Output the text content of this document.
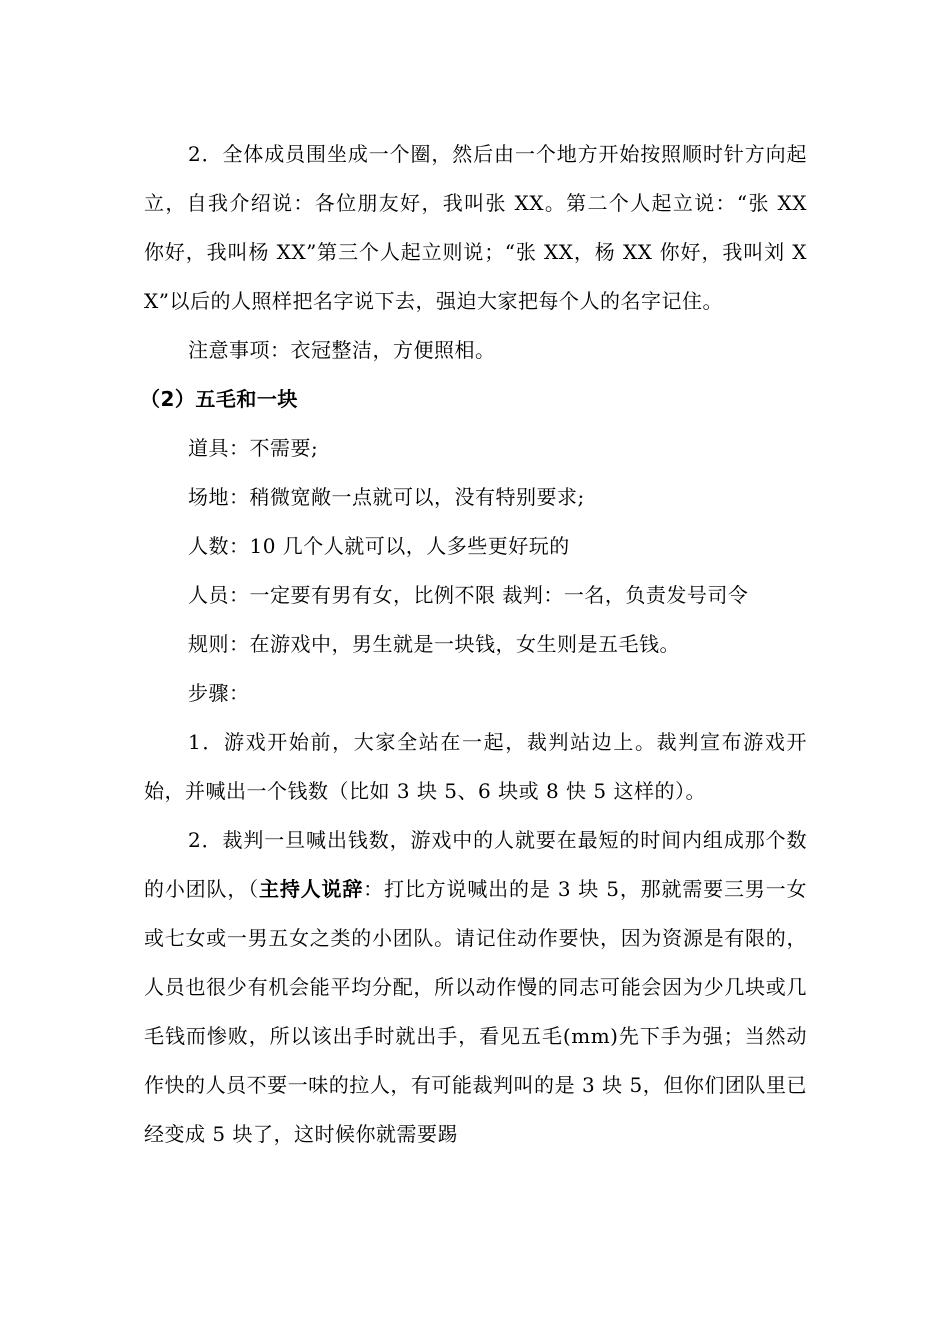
2．全体成员围坐成一个圈，然后由一个地方开始按照顺时针方向起立，自我介绍说：各位朋友好，我叫张 XX。第二个人起立说：“张 XX 你好，我叫杨 XX”第三个人起立则说；“张 XX，杨 XX 你好，我叫刘 XX”以后的人照样把名字说下去，强迫大家把每个人的名字记住。

注意事项：衣冠整洁，方便照相。

（2）五毛和一块

道具：不需要;

场地：稍微宽敞一点就可以，没有特别要求;

人数：10 几个人就可以，人多些更好玩的

人员：一定要有男有女，比例不限 裁判：一名，负责发号司令

规则：在游戏中，男生就是一块钱，女生则是五毛钱。

步骤：

1．游戏开始前，大家全站在一起，裁判站边上。裁判宣布游戏开始，并喊出一个钱数（比如 3 块 5、6 块或 8 快 5 这样的）。

2．裁判一旦喊出钱数，游戏中的人就要在最短的时间内组成那个数的小团队，（主持人说辞：打比方说喊出的是 3 块 5，那就需要三男一女或七女或一男五女之类的小团队。请记住动作要快，因为资源是有限的，人员也很少有机会能平均分配，所以动作慢的同志可能会因为少几块或几毛钱而惨败，所以该出手时就出手，看见五毛(mm)先下手为强；当然动作快的人员不要一味的拉人，有可能裁判叫的是 3 块 5，但你们团队里已经变成 5 块了，这时候你就需要踢
